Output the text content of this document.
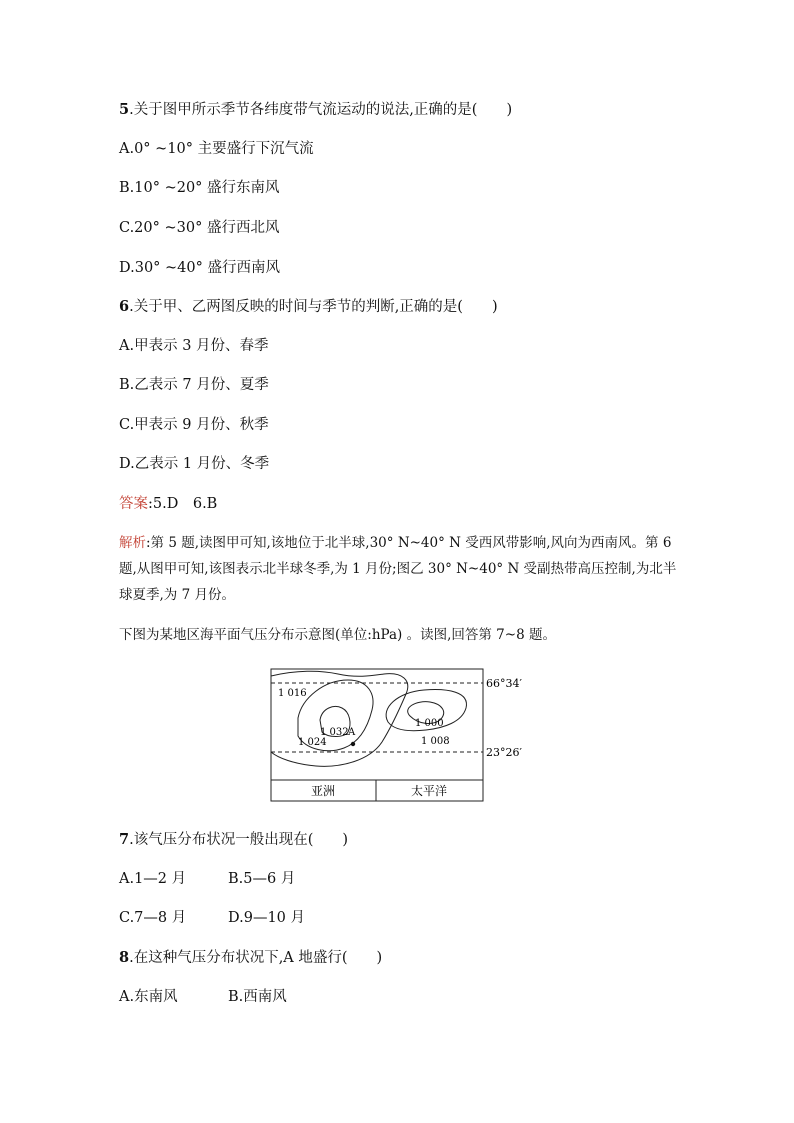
5.关于图甲所示季节各纬度带气流运动的说法,正确的是(　　)
A.0° ~10° 主要盛行下沉气流
B.10° ~20° 盛行东南风
C.20° ~30° 盛行西北风
D.30° ~40° 盛行西南风
6.关于甲、乙两图反映的时间与季节的判断,正确的是(　　)
A.甲表示 3 月份、春季
B.乙表示 7 月份、夏季
C.甲表示 9 月份、秋季
D.乙表示 1 月份、冬季
答案:5.D　6.B
解析:第 5 题,读图甲可知,该地位于北半球,30° N~40° N 受西风带影响,风向为西南风。第 6 题,从图甲可知,该图表示北半球冬季,为 1 月份;图乙 30° N~40° N 受副热带高压控制,为北半球夏季,为 7 月份。
下图为某地区海平面气压分布示意图(单位:hPa) 。读图,回答第 7~8 题。
1 016
1 032 A
1 024
1 000
1 008
66°34′
23°26′
亚洲	太平洋
7.该气压分布状况一般出现在(　　)
A.1—2 月	B.5—6 月
C.7—8 月	D.9—10 月
8.在这种气压分布状况下,A 地盛行(　　)
A.东南风	B.西南风
